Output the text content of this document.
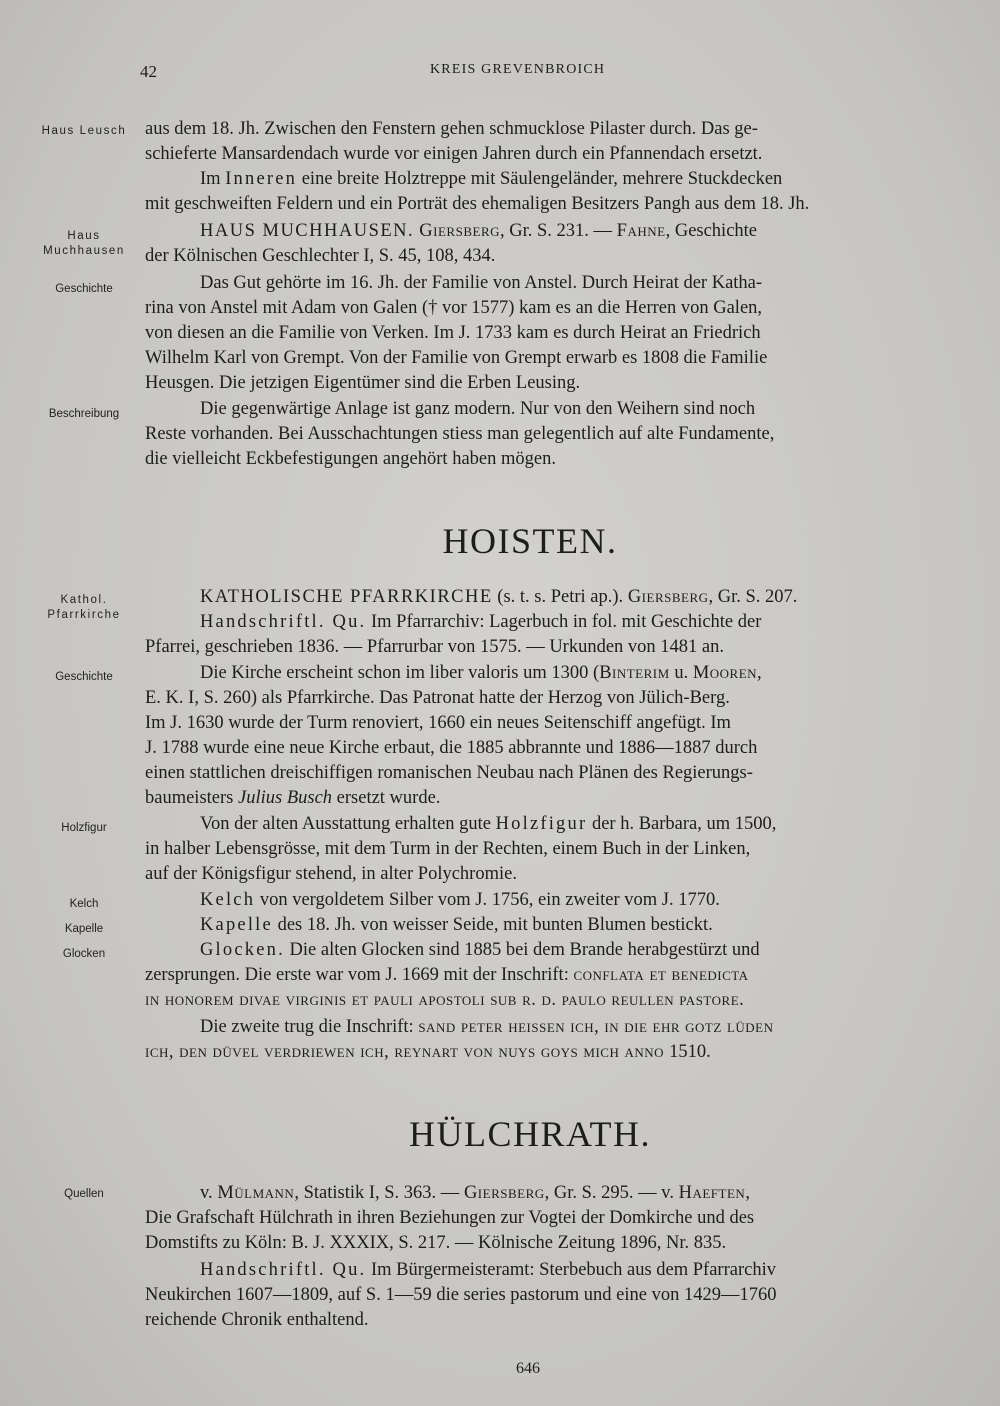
42	KREIS GREVENBROICH
Haus Leusch
Haus
Muchhausen
Geschichte
Beschreibung
Kathol.
Pfarrkirche
Geschichte
Holzfigur
Kelch
Kapelle
Glocken
Quellen
aus dem 18. Jh. Zwischen den Fenstern gehen schmucklose Pilaster durch. Das ge-
schieferte Mansardendach wurde vor einigen Jahren durch ein Pfannendach ersetzt.
Im Inneren eine breite Holztreppe mit Säulengeländer, mehrere Stuckdecken
mit geschweiften Feldern und ein Porträt des ehemaligen Besitzers Pangh aus dem 18. Jh.
HAUS MUCHHAUSEN. Giersberg, Gr. S. 231. — Fahne, Geschichte
der Kölnischen Geschlechter I, S. 45, 108, 434.
Das Gut gehörte im 16. Jh. der Familie von Anstel. Durch Heirat der Katha-
rina von Anstel mit Adam von Galen († vor 1577) kam es an die Herren von Galen,
von diesen an die Familie von Verken. Im J. 1733 kam es durch Heirat an Friedrich
Wilhelm Karl von Grempt. Von der Familie von Grempt erwarb es 1808 die Familie
Heusgen. Die jetzigen Eigentümer sind die Erben Leusing.
Die gegenwärtige Anlage ist ganz modern. Nur von den Weihern sind noch
Reste vorhanden. Bei Ausschachtungen stiess man gelegentlich auf alte Fundamente,
die vielleicht Eckbefestigungen angehört haben mögen.
HOISTEN.
KATHOLISCHE PFARRKIRCHE (s. t. s. Petri ap.). Giersberg, Gr. S. 207.
Handschriftl. Qu. Im Pfarrarchiv: Lagerbuch in fol. mit Geschichte der
Pfarrei, geschrieben 1836. — Pfarrurbar von 1575. — Urkunden von 1481 an.
Die Kirche erscheint schon im liber valoris um 1300 (Binterim u. Mooren,
E. K. I, S. 260) als Pfarrkirche. Das Patronat hatte der Herzog von Jülich-Berg.
Im J. 1630 wurde der Turm renoviert, 1660 ein neues Seitenschiff angefügt. Im
J. 1788 wurde eine neue Kirche erbaut, die 1885 abbrannte und 1886—1887 durch
einen stattlichen dreischiffigen romanischen Neubau nach Plänen des Regierungs-
baumeisters Julius Busch ersetzt wurde.
Von der alten Ausstattung erhalten gute Holzfigur der h. Barbara, um 1500,
in halber Lebensgrösse, mit dem Turm in der Rechten, einem Buch in der Linken,
auf der Königsfigur stehend, in alter Polychromie.
Kelch von vergoldetem Silber vom J. 1756, ein zweiter vom J. 1770.
Kapelle des 18. Jh. von weisser Seide, mit bunten Blumen bestickt.
Glocken. Die alten Glocken sind 1885 bei dem Brande herabgestürzt und
zersprungen. Die erste war vom J. 1669 mit der Inschrift: conflata et benedicta
in honorem divae virginis et pauli apostoli sub r. d. paulo reullen pastore.
Die zweite trug die Inschrift: sand peter heissen ich, in die ehr gotz lüden
ich, den düvel verdriewen ich, reynart von nuys goys mich anno 1510.
HÜLCHRATH.
v. Mülmann, Statistik I, S. 363. — Giersberg, Gr. S. 295. — v. Haeften,
Die Grafschaft Hülchrath in ihren Beziehungen zur Vogtei der Domkirche und des
Domstifts zu Köln: B. J. XXXIX, S. 217. — Kölnische Zeitung 1896, Nr. 835.
Handschriftl. Qu. Im Bürgermeisteramt: Sterbebuch aus dem Pfarrarchiv
Neukirchen 1607—1809, auf S. 1—59 die series pastorum und eine von 1429—1760
reichende Chronik enthaltend.
646
